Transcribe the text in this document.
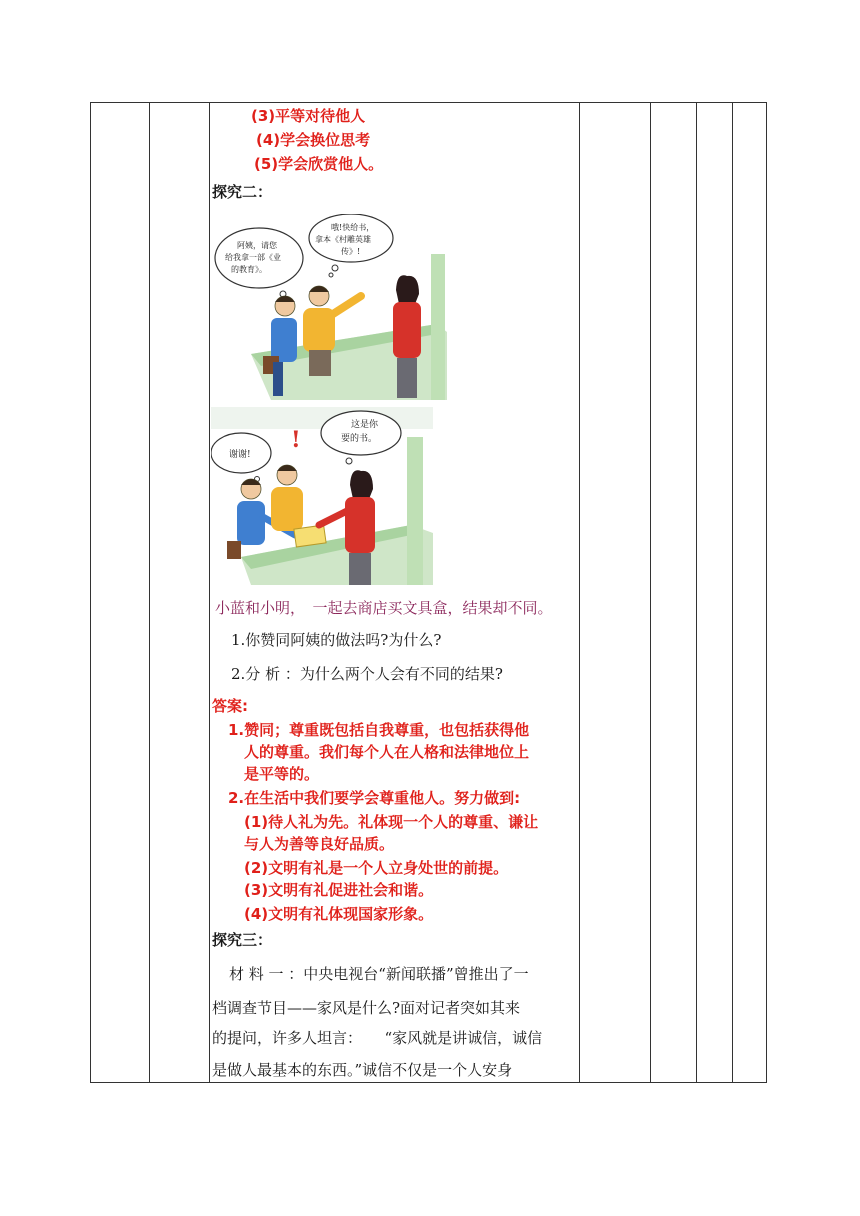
(3)平等对待他人
(4)学会换位思考
(5)学会欣赏他人。
探究二：
阿姨，请您
给我拿一部《业
的教育》。
哦!快给书，
拿本《村雕英雄
传》!
谢谢!
这是你
要的书。
!
小蓝和小明，　一起去商店买文具盒，结果却不同。
1.你赞同阿姨的做法吗?为什么?
2.分 析 ：为什么两个人会有不同的结果?
答案:
1.赞同；尊重既包括自我尊重，也包括获得他
人的尊重。我们每个人在人格和法律地位上
是平等的。
2.在生活中我们要学会尊重他人。努力做到:
(1)待人礼为先。礼体现一个人的尊重、谦让
与人为善等良好品质。
(2)文明有礼是一个人立身处世的前提。
(3)文明有礼促进社会和谐。
(4)文明有礼体现国家形象。
探究三：
材 料 一 ：中央电视台“新闻联播”曾推出了一
档调查节目——家风是什么?面对记者突如其来
的提问，许多人坦言：　　“家风就是讲诚信，诚信
是做人最基本的东西。”诚信不仅是一个人安身
